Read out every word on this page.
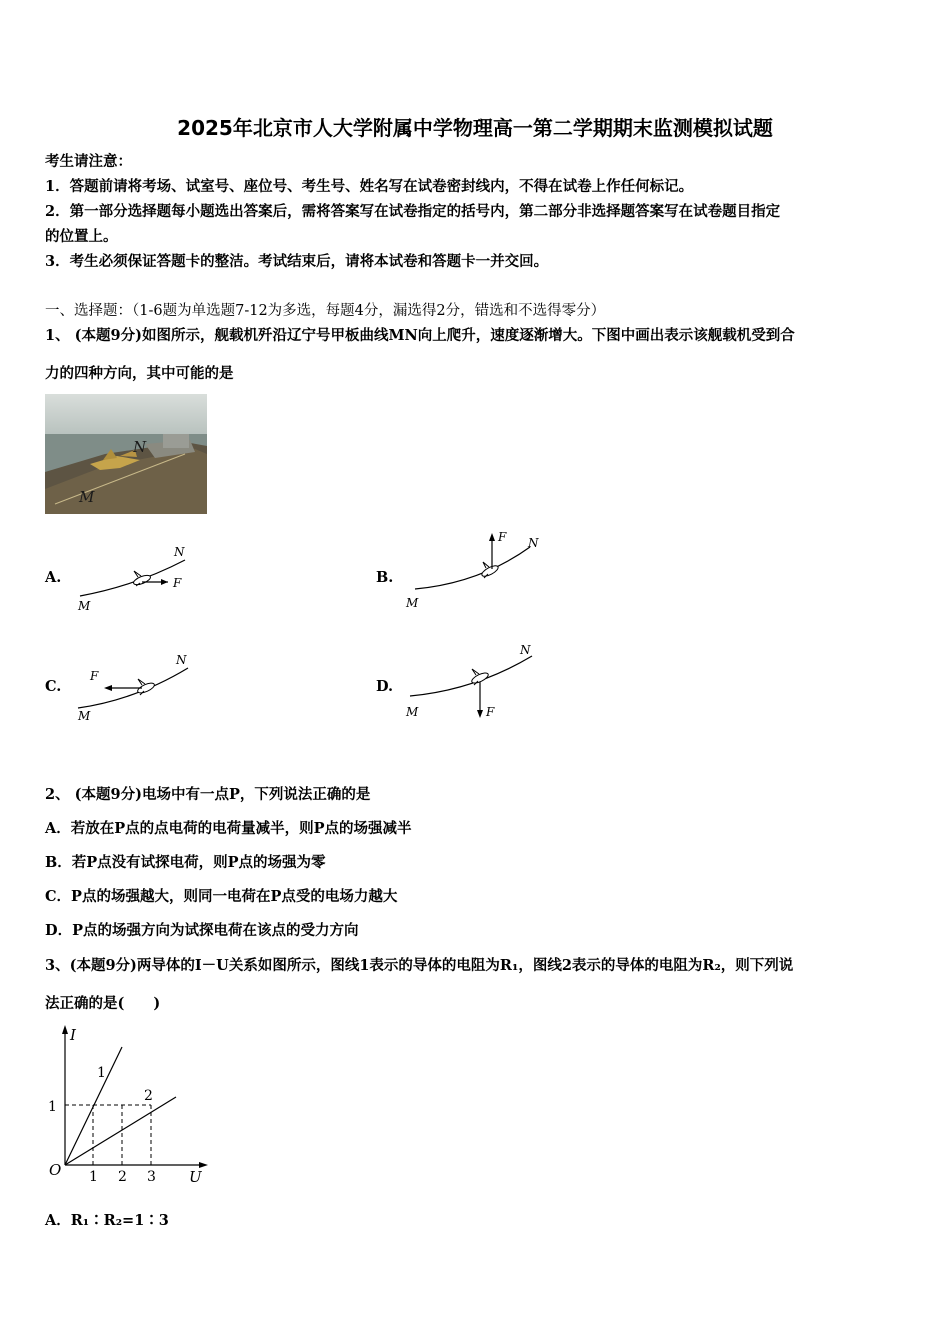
2025年北京市人大学附属中学物理高一第二学期期末监测模拟试题
考生请注意：
1．答题前请将考场、试室号、座位号、考生号、姓名写在试卷密封线内，不得在试卷上作任何标记。
2．第一部分选择题每小题选出答案后，需将答案写在试卷指定的括号内，第二部分非选择题答案写在试卷题目指定
的位置上。
3．考生必须保证答题卡的整洁。考试结束后，请将本试卷和答题卡一并交回。
一、选择题：（1-6题为单选题7-12为多选，每题4分，漏选得2分，错选和不选得零分）
1、 (本题9分)如图所示，舰载机歼沿辽宁号甲板曲线MN向上爬升，速度逐渐增大。下图中画出表示该舰载机受到合
力的四种方向，其中可能的是
N
M
A.	F
M
N
B.
F
M
N
C.
F
M
N
D.
F
M
N
2、 (本题9分)电场中有一点P，下列说法正确的是
A．若放在P点的点电荷的电荷量减半，则P点的场强减半
B．若P点没有试探电荷，则P点的场强为零
C．P点的场强越大，则同一电荷在P点受的电场力越大
D．P点的场强方向为试探电荷在该点的受力方向
3、(本题9分)两导体的I－U关系如图所示，图线1表示的导体的电阻为R₁，图线2表示的导体的电阻为R₂，则下列说
法正确的是(　　)
I
U
O 1 2 3
1
1
2
A．R₁∶R₂=1∶3
